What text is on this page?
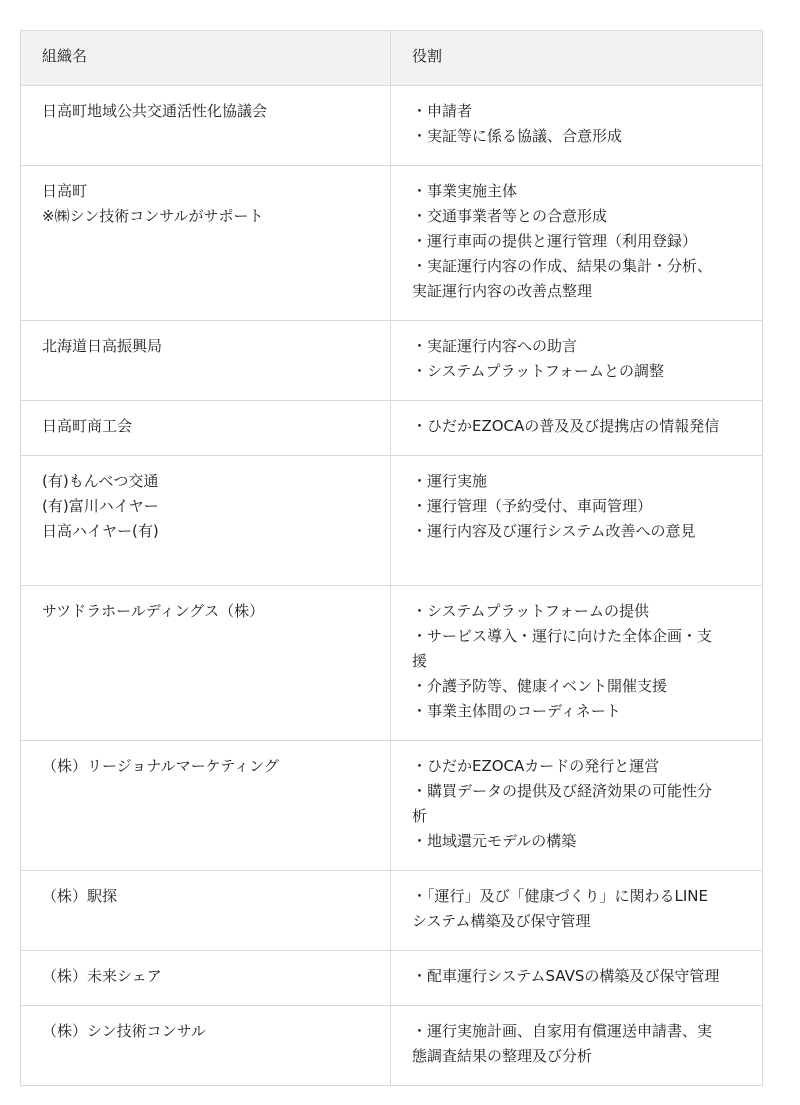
組織名	役割

日高町地域公共交通活性化協議会	・申請者
・実証等に係る協議、合意形成

日高町
※㈱シン技術コンサルがサポート	・事業実施主体
・交通事業者等との合意形成
・運行車両の提供と運行管理（利用登録）
・実証運行内容の作成、結果の集計・分析、
実証運行内容の改善点整理

北海道日高振興局	・実証運行内容への助言
・システムプラットフォームとの調整

日高町商工会	・ひだかEZOCAの普及及び提携店の情報発信

(有)もんべつ交通
(有)富川ハイヤー
日高ハイヤー(有)	・運行実施
・運行管理（予約受付、車両管理）
・運行内容及び運行システム改善への意見

サツドラホールディングス（株）	・システムプラットフォームの提供
・サービス導入・運行に向けた全体企画・支
援
・介護予防等、健康イベント開催支援
・事業主体間のコーディネート

（株）リージョナルマーケティング	・ひだかEZOCAカードの発行と運営
・購買データの提供及び経済効果の可能性分
析
・地域還元モデルの構築

（株）駅探	・「運行」及び「健康づくり」に関わるLINE
システム構築及び保守管理

（株）未来シェア	・配車運行システムSAVSの構築及び保守管理

（株）シン技術コンサル	・運行実施計画、自家用有償運送申請書、実
態調査結果の整理及び分析
